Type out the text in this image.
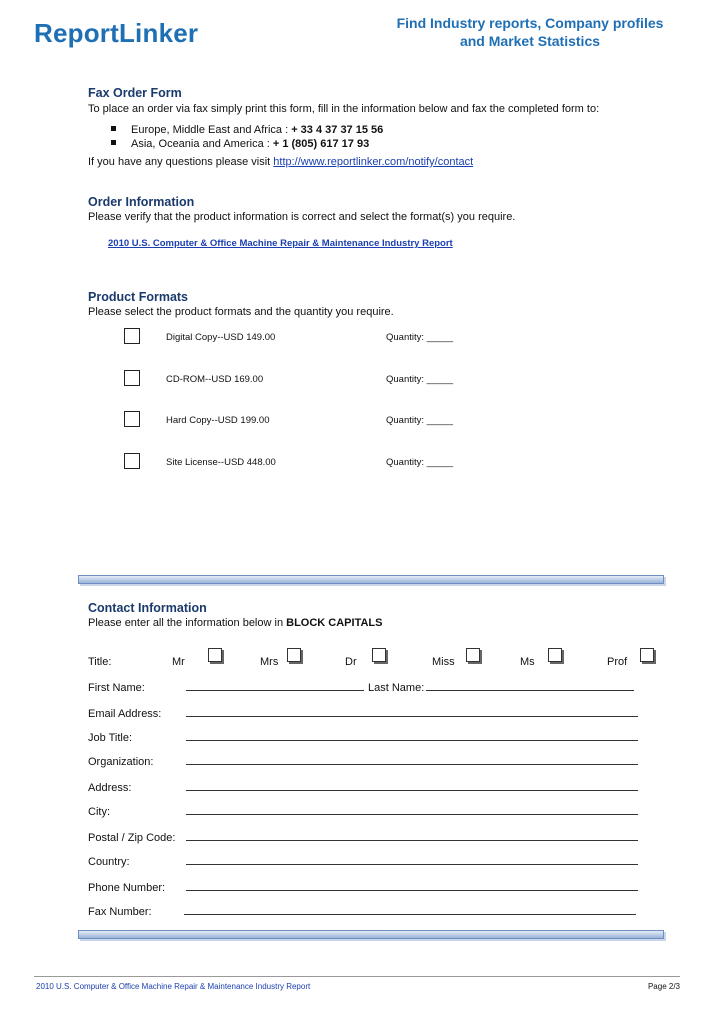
ReportLinker	Find Industry reports, Company profiles
and Market Statistics
Fax Order Form
To place an order via fax simply print this form, fill in the information below and fax the completed form to:
Europe, Middle East and Africa : + 33 4 37 37 15 56
Asia, Oceania and America : + 1 (805) 617 17 93
If you have any questions please visit http://www.reportlinker.com/notify/contact
Order Information
Please verify that the product information is correct and select the format(s) you require.
2010 U.S. Computer & Office Machine Repair & Maintenance Industry Report
Product Formats
Please select the product formats and the quantity you require.
Digital Copy--USD 149.00	Quantity: _____
CD-ROM--USD 169.00	Quantity: _____
Hard Copy--USD 199.00	Quantity: _____
Site License--USD 448.00	Quantity: _____
Contact Information
Please enter all the information below in BLOCK CAPITALS
Title:	Mr	Mrs	Dr	Miss	Ms	Prof
First Name:	Last Name:
Email Address:
Job Title:
Organization:
Address:
City:
Postal / Zip Code:
Country:
Phone Number:
Fax Number:
2010 U.S. Computer & Office Machine Repair & Maintenance Industry Report	Page 2/3
